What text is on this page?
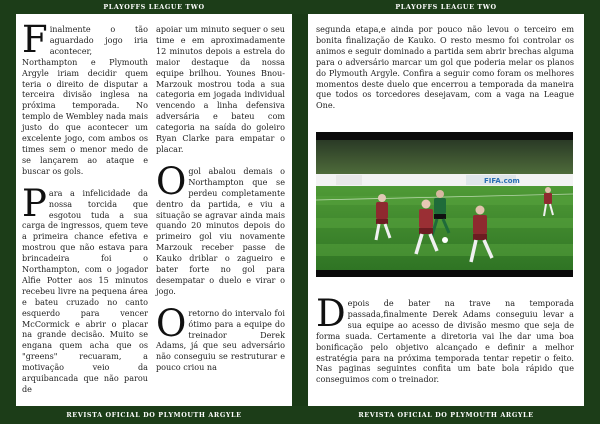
PLAYOFFS LEAGUE TWO	PLAYOFFS LEAGUE TWO

Finalmente o tão aguardado jogo iria acontecer, Northampton e Plymouth Argyle iriam decidir quem teria o direito de disputar a terceira divisão inglesa na próxima temporada. No templo de Wembley nada mais justo do que acontecer um excelente jogo, com ambos os times sem o menor medo de se lançarem ao ataque e buscar os gols.

Para a infelicidade da nossa torcida que esgotou tuda a sua carga de ingressos, quem teve a primeira chance efetiva e mostrou que não estava para brincadeira foi o Northampton, com o jogador Alfie Potter aos 15 minutos recebeu livre na pequena área e bateu cruzado no canto esquerdo para vencer McCormick e abrir o placar na grande decisão. Muito se engana quem acha que os "greens" recuaram, a motivação veio da arquibancada que não parou de

apoiar um minuto sequer o seu time e em aproximadamente 12 minutos depois a estrela do maior destaque da nossa equipe brilhou. Younes Bnou-Marzouk mostrou toda a sua categoria em jogada individual vencendo a linha defensiva adversária e bateu com categoria na saída do goleiro Ryan Clarke para empatar o placar.

Ogol abalou demais o Northampton que se perdeu completamente dentro da partida, e viu a situação se agravar ainda mais quando 20 minutos depois do primeiro gol viu novamente Marzouk receber passe de Kauko driblar o zagueiro e bater forte no gol para desempatar o duelo e virar o jogo.

Oretorno do intervalo foi ótimo para a equipe do treinador Derek Adams, já que seu adversário não conseguiu se restruturar e pouco criou na

segunda etapa,e ainda por pouco não levou o terceiro em bonita finalização de Kauko. O resto mesmo foi controlar os animos e seguir dominado a partida sem abrir brechas alguma para o adversário marcar um gol que poderia melar os planos do Plymouth Argyle. Confira a seguir como foram os melhores momentos deste duelo que encerrou a temporada da maneira que todos os torcedores desejavam, com a vaga na League One.

FIFA.com

Depois de bater na trave na temporada passada,finalmente Derek Adams conseguiu levar a sua equipe ao acesso de divisão mesmo que seja de forma suada. Certamente a diretoria vai lhe dar uma boa bonificação pelo objetivo alcançado e definir a melhor estratégia para na próxima temporada tentar repetir o feito. Nas paginas seguintes confita um bate bola rápido que conseguimos com o treinador.

REVISTA OFICIAL DO PLYMOUTH ARGYLE	REVISTA OFICIAL DO PLYMOUTH ARGYLE
